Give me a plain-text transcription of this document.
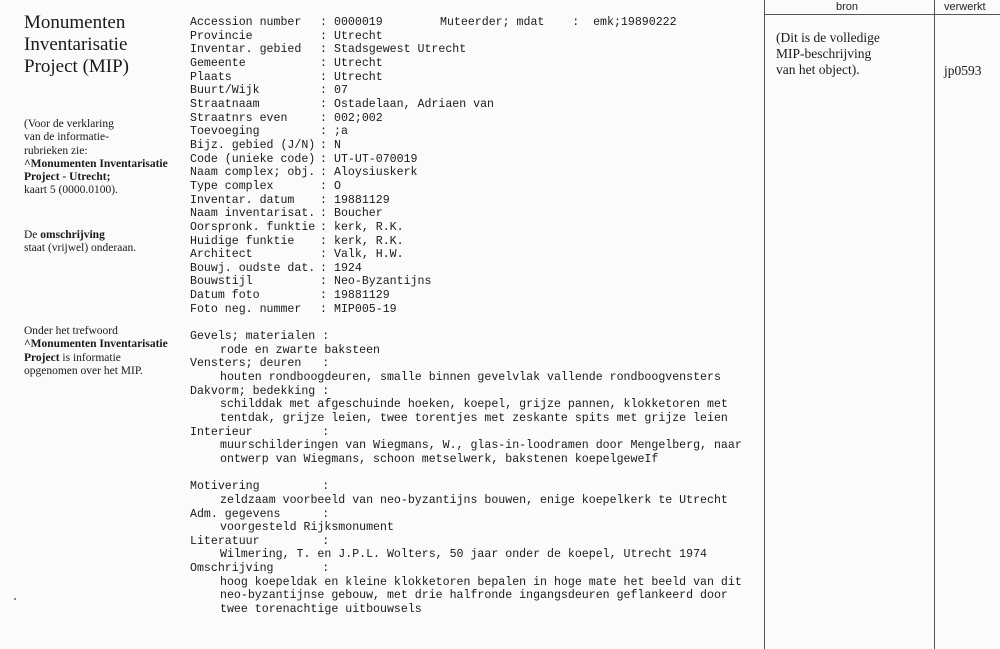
Monumenten
Inventarisatie
Project (MIP)
(Voor de verklaring
van de informatie-
rubrieken zie:
^Monumenten Inventarisatie
Project - Utrecht;
kaart 5 (0000.0100).
De omschrijving
staat (vrijwel) onderaan.
Onder het trefwoord
^Monumenten Inventarisatie
Project is informatie
opgenomen over het MIP.
Accession number	: 0000019
Provincie	: Utrecht
Inventar. gebied	: Stadsgewest Utrecht
Gemeente	: Utrecht
Plaats	: Utrecht
Buurt/Wijk	: 07
Straatnaam	: Ostadelaan, Adriaen van
Straatnrs even	: 002;002
Toevoeging	: ;a
Bijz. gebied (J/N) : N
Code (unieke code) : UT-UT-070019
Naam complex; obj. : Aloysiuskerk
Type complex	: O
Inventar. datum	: 19881129
Naam inventarisat. : Boucher
Oorspronk. funktie : kerk, R.K.
Huidige funktie	: kerk, R.K.
Architect	: Valk, H.W.
Bouwj. oudste dat. : 1924
Bouwstijl	: Neo-Byzantijns
Datum foto	: 19881129
Foto neg. nummer	: MIP005-19
Muteerder; mdat    :  emk;19890222
Gevels; materialen :
rode en zwarte baksteen
Vensters; deuren   :
houten rondboogdeuren, smalle binnen gevelvlak vallende rondboogvensters
Dakvorm; bedekking :
schilddak met afgeschuinde hoeken, koepel, grijze pannen, klokketoren met
tentdak, grijze leien, twee torentjes met zeskante spits met grijze leien
Interieur          :
muurschilderingen van Wiegmans, W., glas-in-loodramen door Mengelberg, naar
ontwerp van Wiegmans, schoon metselwerk, bakstenen koepelgeweIf
Motivering         :
zeldzaam voorbeeld van neo-byzantijns bouwen, enige koepelkerk te Utrecht
Adm. gegevens      :
voorgesteld Rijksmonument
Literatuur         :
Wilmering, T. en J.P.L. Wolters, 50 jaar onder de koepel, Utrecht 1974
Omschrijving       :
hoog koepeldak en kleine klokketoren bepalen in hoge mate het beeld van dit
neo-byzantijnse gebouw, met drie halfronde ingangsdeuren geflankeerd door
twee torenachtige uitbouwsels
bron	verwerkt
(Dit is de volledige
MIP-beschrijving
van het object).	jp0593
